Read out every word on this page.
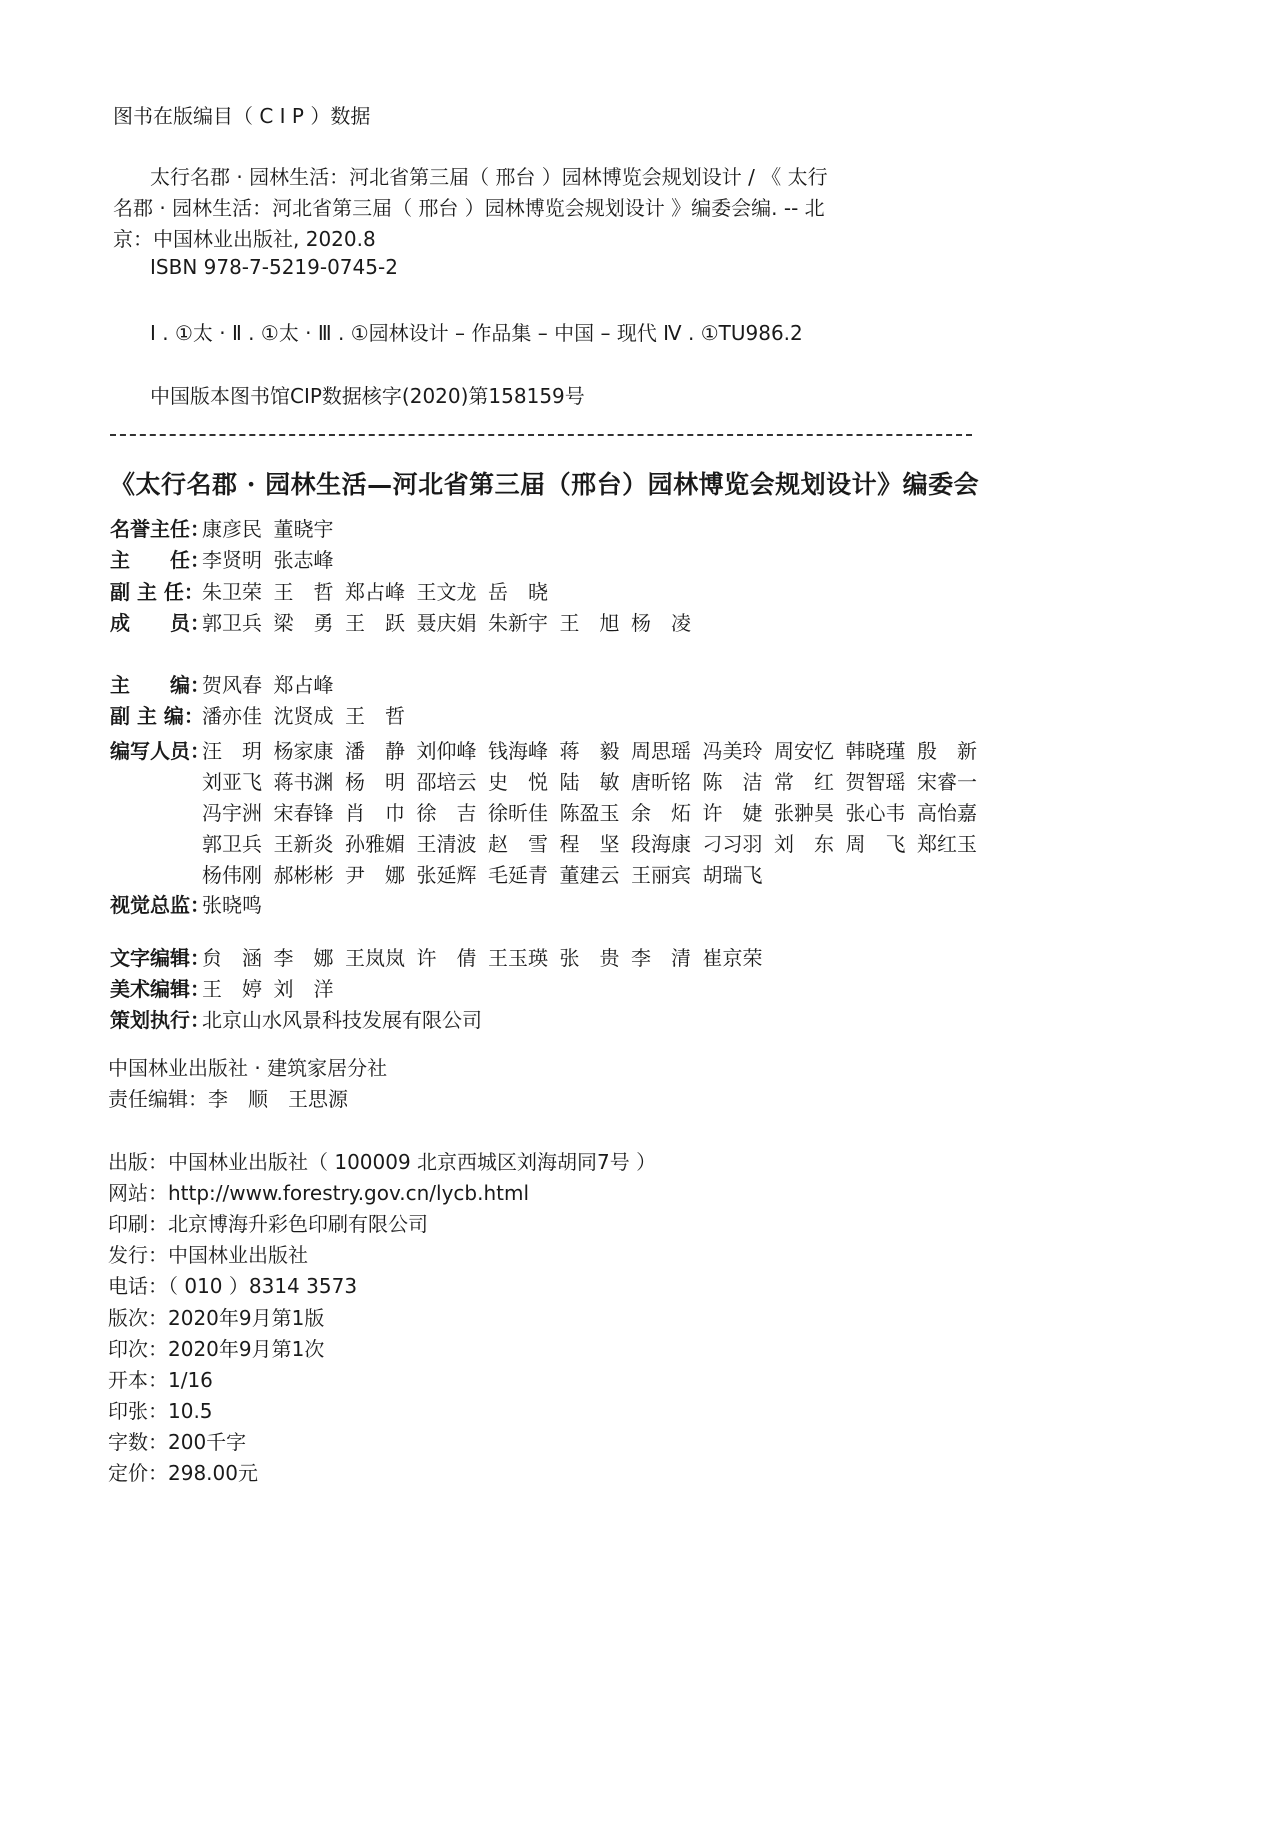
图书在版编目（ C I P ）数据
太行名郡 · 园林生活：河北省第三届（ 邢台 ）园林博览会规划设计 / 《 太行
名郡 · 园林生活：河北省第三届（ 邢台 ）园林博览会规划设计 》编委会编. -- 北
京：中国林业出版社, 2020.8
ISBN 978-7-5219-0745-2
Ⅰ . ①太 · Ⅱ . ①太 · Ⅲ . ①园林设计 – 作品集 – 中国 – 现代 Ⅳ . ①TU986.2
中国版本图书馆CIP数据核字(2020)第158159号
《太行名郡 · 园林生活—河北省第三届（邢台）园林博览会规划设计》编委会
名誉主任：
康彦民 董晓宇
主　　任：
李贤明 张志峰
副 主 任：
朱卫荣 王　哲 郑占峰 王文龙 岳　晓
成　　员：
郭卫兵 梁　勇 王　跃 聂庆娟 朱新宇 王　旭 杨　凌
主　　编：
贺风春 郑占峰
副 主 编：
潘亦佳 沈贤成 王　哲
编写人员：
汪　玥 杨家康 潘　静 刘仰峰 钱海峰 蒋　毅 周思瑶 冯美玲 周安忆 韩晓瑾 殷　新
刘亚飞 蒋书渊 杨　明 邵培云 史　悦 陆　敏 唐昕铭 陈　洁 常　红 贺智瑶 宋睿一
冯宇洲 宋春锋 肖　巾 徐　吉 徐昕佳 陈盈玉 余　炻 许　婕 张翀昊 张心韦 高怡嘉
郭卫兵 王新炎 孙雅媚 王清波 赵　雪 程　坚 段海康 刁习羽 刘　东 周　飞 郑红玉
杨伟刚 郝彬彬 尹　娜 张延辉 毛延青 董建云 王丽宾 胡瑞飞
视觉总监：
张晓鸣
文字编辑：
贠　涵 李　娜 王岚岚 许　倩 王玉瑛 张　贵 李　清 崔京荣
美术编辑：
王　婷 刘　洋
策划执行：
北京山水风景科技发展有限公司
中国林业出版社 · 建筑家居分社
责任编辑：李　顺　王思源
出版：中国林业出版社（ 100009 北京西城区刘海胡同7号 ）
网站：http://www.forestry.gov.cn/lycb.html
印刷：北京博海升彩色印刷有限公司
发行：中国林业出版社
电话：（ 010 ）8314 3573
版次：2020年9月第1版
印次：2020年9月第1次
开本：1/16
印张：10.5
字数：200千字
定价：298.00元
